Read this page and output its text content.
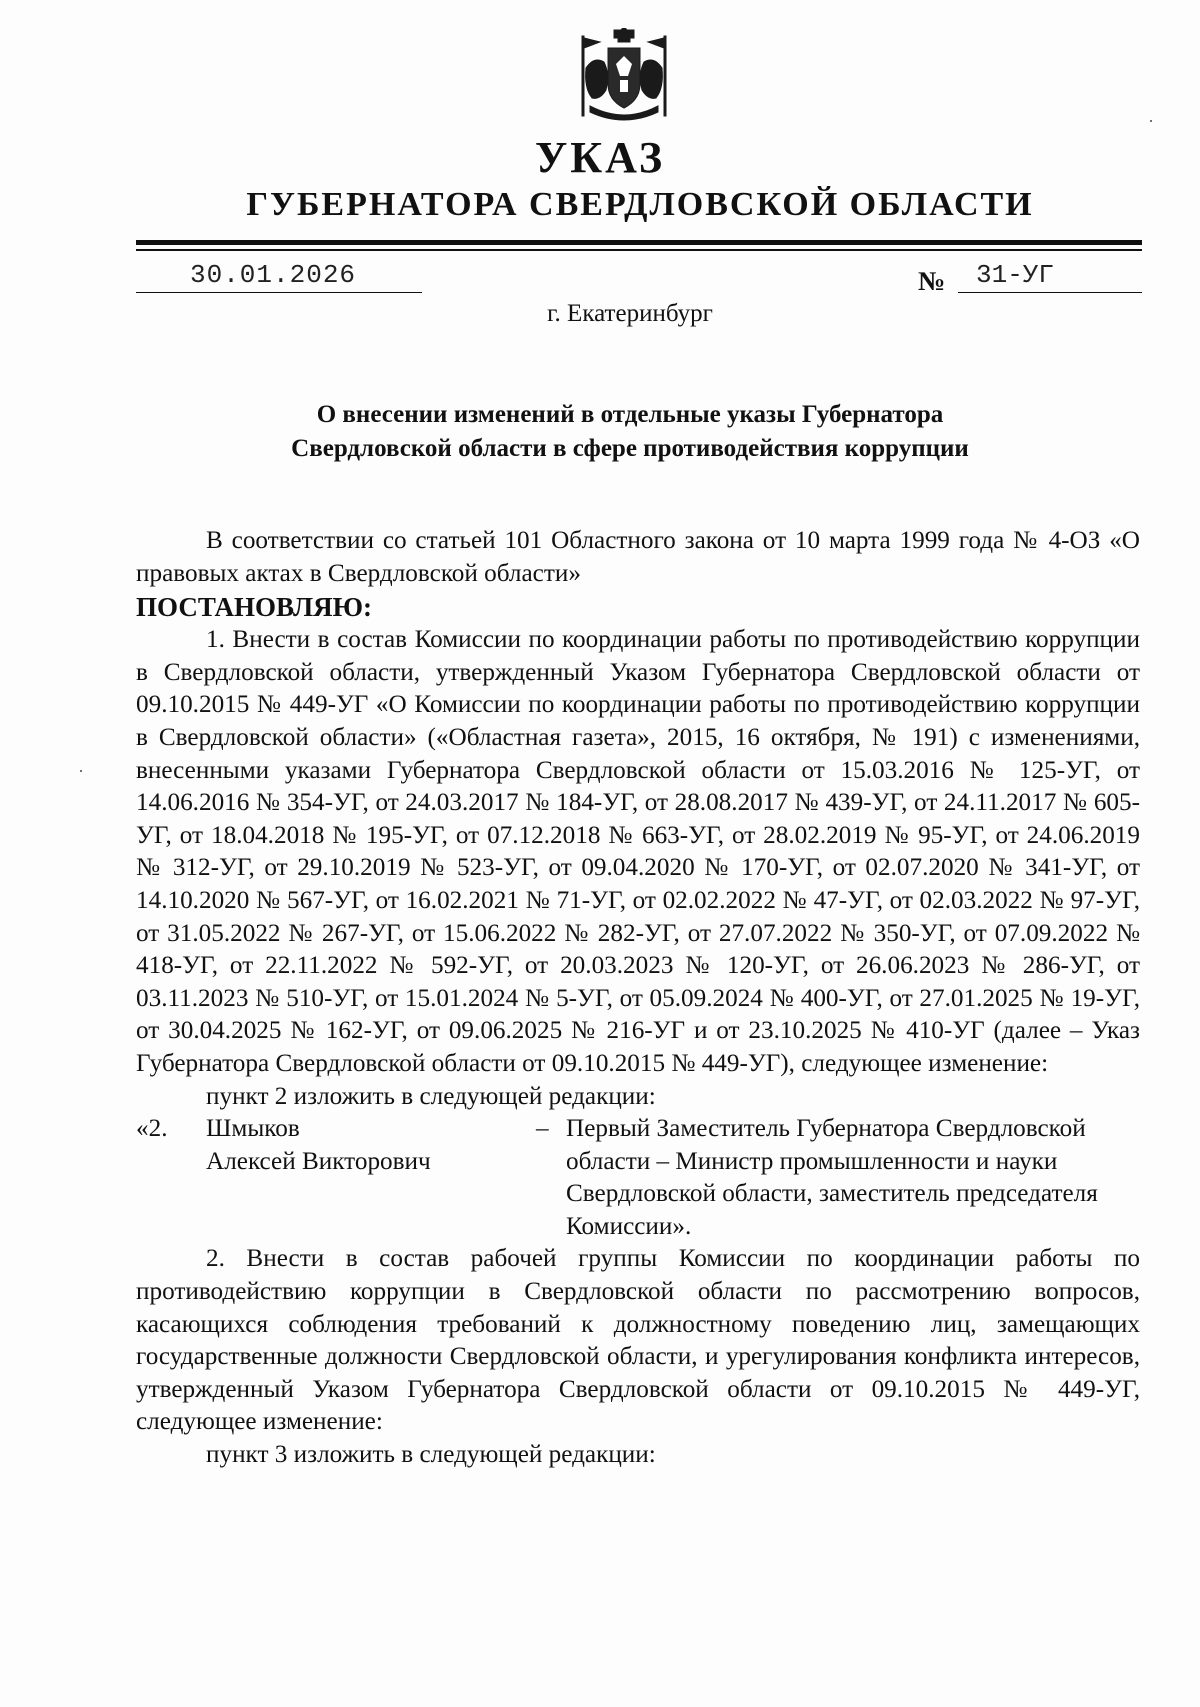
УКАЗ
ГУБЕРНАТОРА СВЕРДЛОВСКОЙ ОБЛАСТИ
30.01.2026	№ 31-УГ
г. Екатеринбург
О внесении изменений в отдельные указы Губернатора
Свердловской области в сфере противодействия коррупции

В соответствии со статьей 101 Областного закона от 10 марта 1999 года № 4-ОЗ «О правовых актах в Свердловской области»

ПОСТАНОВЛЯЮ:

1. Внести в состав Комиссии по координации работы по противодействию коррупции в Свердловской области, утвержденный Указом Губернатора Свердловской области от 09.10.2015 № 449-УГ «О Комиссии по координации работы по противодействию коррупции в Свердловской области» («Областная газета», 2015, 16 октября, № 191) с изменениями, внесенными указами Губернатора Свердловской области от 15.03.2016 № 125-УГ, от 14.06.2016 № 354-УГ, от 24.03.2017 № 184-УГ, от 28.08.2017 № 439-УГ, от 24.11.2017 № 605-УГ, от 18.04.2018 № 195-УГ, от 07.12.2018 № 663-УГ, от 28.02.2019 № 95-УГ, от 24.06.2019 № 312-УГ, от 29.10.2019 № 523-УГ, от 09.04.2020 № 170-УГ, от 02.07.2020 № 341-УГ, от 14.10.2020 № 567-УГ, от 16.02.2021 № 71-УГ, от 02.02.2022 № 47-УГ, от 02.03.2022 № 97-УГ, от 31.05.2022 № 267-УГ, от 15.06.2022 № 282-УГ, от 27.07.2022 № 350-УГ, от 07.09.2022 № 418-УГ, от 22.11.2022 № 592-УГ, от 20.03.2023 № 120-УГ, от 26.06.2023 № 286-УГ, от 03.11.2023 № 510-УГ, от 15.01.2024 № 5-УГ, от 05.09.2024 № 400-УГ, от 27.01.2025 № 19-УГ, от 30.04.2025 № 162-УГ, от 09.06.2025 № 216-УГ и от 23.10.2025 № 410-УГ (далее – Указ Губернатора Свердловской области от 09.10.2015 № 449-УГ), следующее изменение:

пункт 2 изложить в следующей редакции:

«2.	Шмыков
Алексей Викторович
– Первый Заместитель Губернатора Свердловской области – Министр промышленности и науки Свердловской области, заместитель председателя Комиссии».

2. Внести в состав рабочей группы Комиссии по координации работы по противодействию коррупции в Свердловской области по рассмотрению вопросов, касающихся соблюдения требований к должностному поведению лиц, замещающих государственные должности Свердловской области, и урегулирования конфликта интересов, утвержденный Указом Губернатора Свердловской области от 09.10.2015 № 449-УГ, следующее изменение:

пункт 3 изложить в следующей редакции:
